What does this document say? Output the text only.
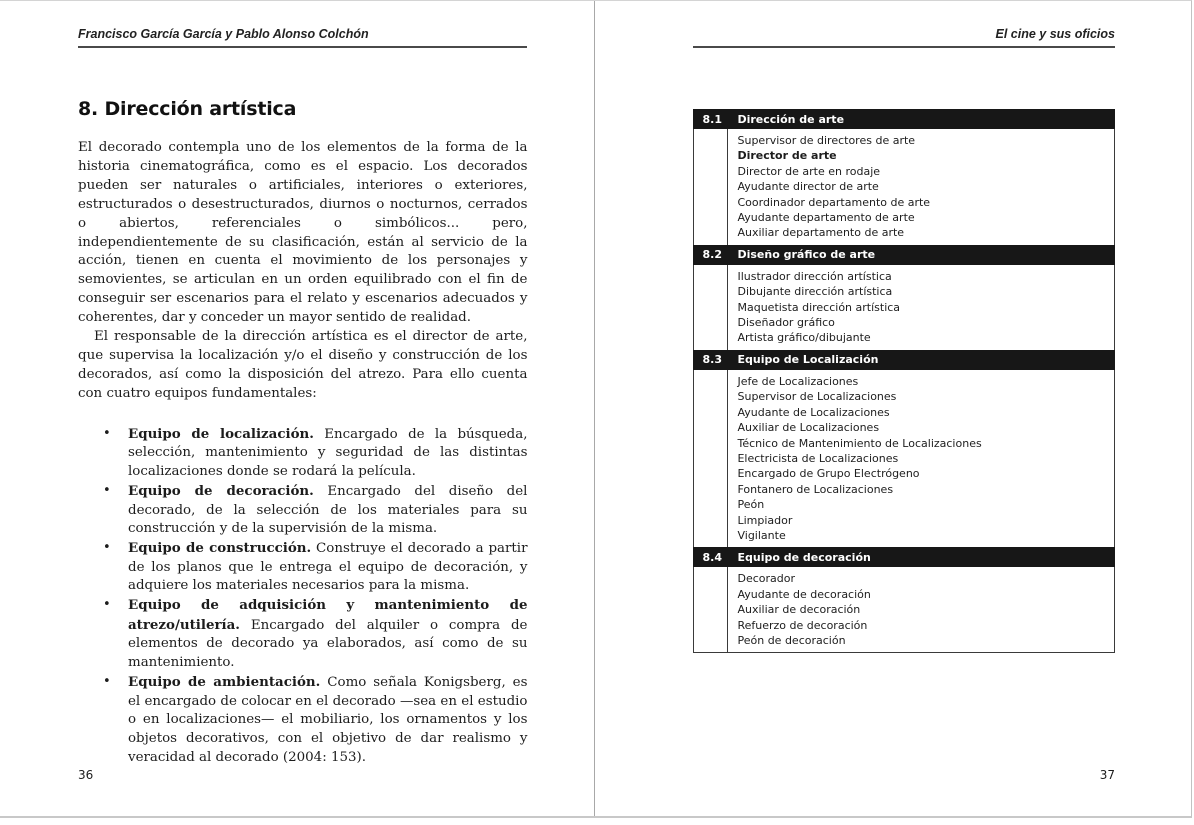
Francisco García García y Pablo Alonso Colchón
8. Dirección artística

El decorado contempla uno de los elementos de la forma de la historia cinematográfica, como es el espacio. Los decorados pueden ser naturales o artificiales, interiores o exteriores, estructurados o desestructurados, diurnos o nocturnos, cerrados o abiertos, referenciales o simbólicos... pero, independientemente de su clasificación, están al servicio de la acción, tienen en cuenta el movimiento de los personajes y semovientes, se articulan en un orden equilibrado con el fin de conseguir ser escenarios para el relato y escenarios adecuados y coherentes, dar y conceder un mayor sentido de realidad.

El responsable de la dirección artística es el director de arte, que supervisa la localización y/o el diseño y construcción de los decorados, así como la disposición del atrezo. Para ello cuenta con cuatro equipos fundamentales:

• Equipo de localización. Encargado de la búsqueda, selección, mantenimiento y seguridad de las distintas localizaciones donde se rodará la película.
• Equipo de decoración. Encargado del diseño del decorado, de la selección de los materiales para su construcción y de la supervisión de la misma.
• Equipo de construcción. Construye el decorado a partir de los planos que le entrega el equipo de decoración, y adquiere los materiales necesarios para la misma.
• Equipo de adquisición y mantenimiento de atrezo/utilería. Encargado del alquiler o compra de elementos de decorado ya elaborados, así como de su mantenimiento.
• Equipo de ambientación. Como señala Konigsberg, es el encargado de colocar en el decorado —sea en el estudio o en localizaciones— el mobiliario, los ornamentos y los objetos decorativos, con el objetivo de dar realismo y veracidad al decorado (2004: 153).
36
El cine y sus oficios
8.1	Dirección de arte
Supervisor de directores de arte
Director de arte
Director de arte en rodaje
Ayudante director de arte
Coordinador departamento de arte
Ayudante departamento de arte
Auxiliar departamento de arte
8.2	Diseño gráfico de arte
Ilustrador dirección artística
Dibujante dirección artística
Maquetista dirección artística
Diseñador gráfico
Artista gráfico/dibujante
8.3	Equipo de Localización
Jefe de Localizaciones
Supervisor de Localizaciones
Ayudante de Localizaciones
Auxiliar de Localizaciones
Técnico de Mantenimiento de Localizaciones
Electricista de Localizaciones
Encargado de Grupo Electrógeno
Fontanero de Localizaciones
Peón
Limpiador
Vigilante
8.4	Equipo de decoración
Decorador
Ayudante de decoración
Auxiliar de decoración
Refuerzo de decoración
Peón de decoración
37
